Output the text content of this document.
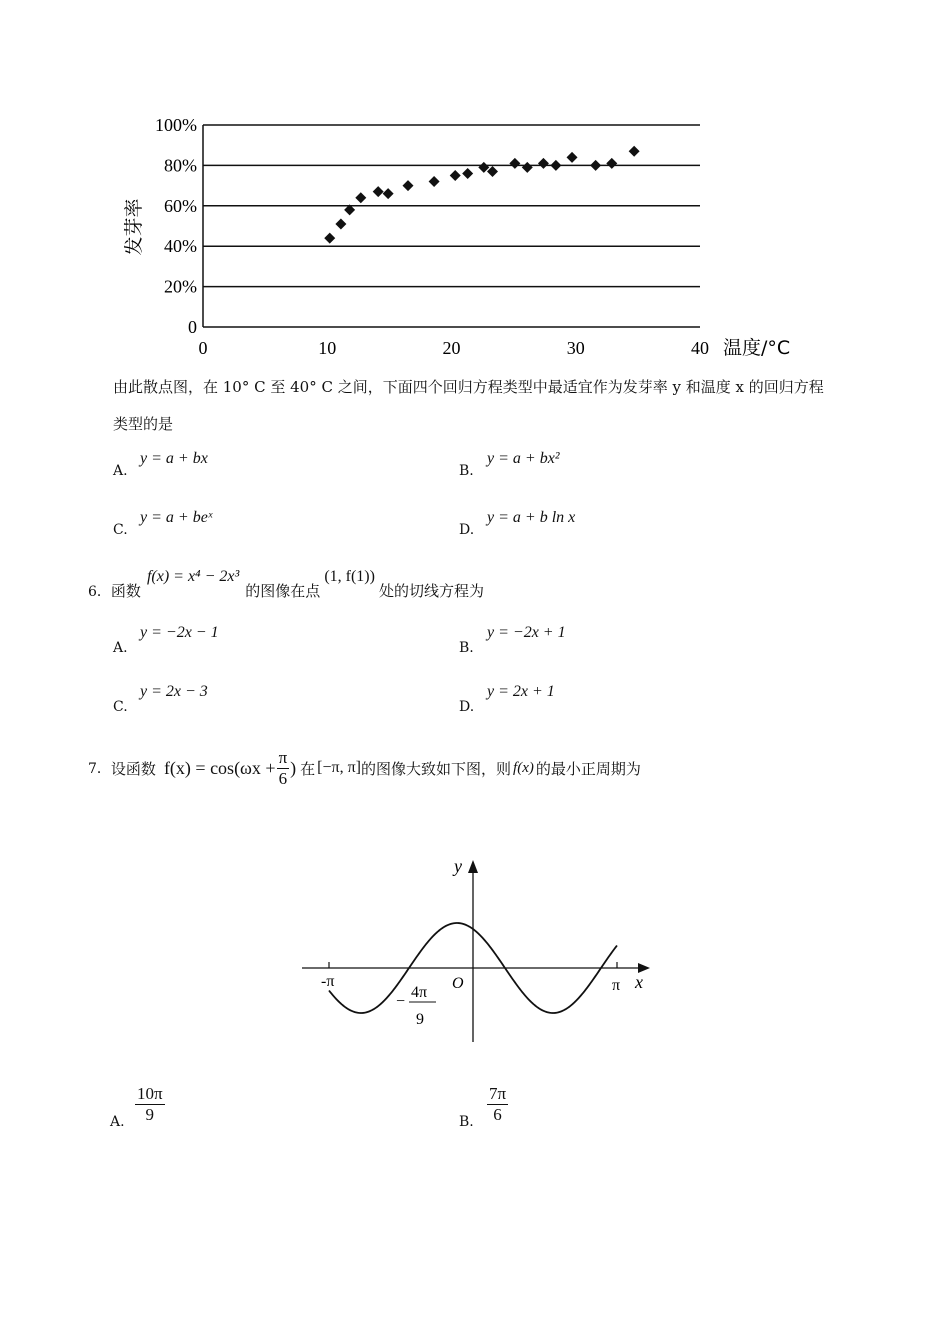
0
20%
40%
60%
80%
100%
0	10	20	30	40
发芽率
温度/°C
由此散点图，在 10° C 至 40° C 之间，下面四个回归方程类型中最适宜作为发芽率 y 和温度 x 的回归方程
类型的是
A.
y = a + bx
B.
y = a + bx²
C.
y = a + beˣ
D.
y = a + b ln x
6． 函数
f(x) = x⁴ − 2x³
的图像在点
(1, f(1))
处的切线方程为
A.
y = −2x − 1
B.
y = −2x + 1
C.
y = 2x − 3
D.
y = 2x + 1
7． 设函数 $f(x) = \cos(\omega x + \frac{\pi}{6}$ ) 在 [−π, π] 的图像大致如下图，则 f(x) 的最小正周期为
y
x
O
-π	π
−
4π
9
A. $\frac{10\pi}{9}$	B. $\frac{7\pi}{6}$
